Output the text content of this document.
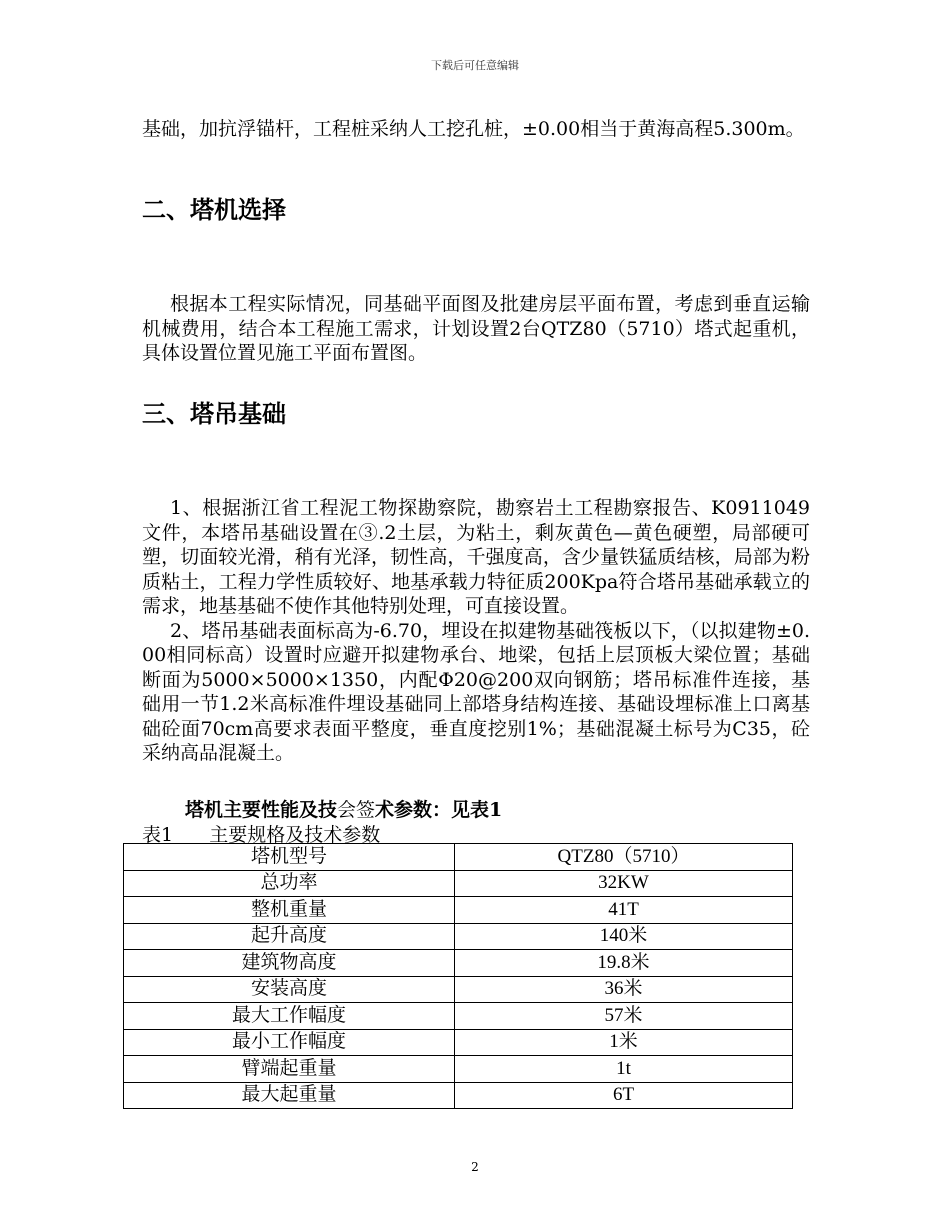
下载后可任意编辑

基础，加抗浮锚杆，工程桩采纳人工挖孔桩，±0.00相当于黄海高程5.300m。

二、塔机选择

根据本工程实际情况，同基础平面图及批建房层平面布置，考虑到垂直运输机械费用，结合本工程施工需求，计划设置2台QTZ80（5710）塔式起重机，具体设置位置见施工平面布置图。

三、塔吊基础

1、根据浙江省工程泥工物探勘察院，勘察岩土工程勘察报告、K0911049文件，本塔吊基础设置在③.2土层，为粘土，剩灰黄色—黄色硬塑，局部硬可塑，切面较光滑，稍有光泽，韧性高，千强度高，含少量铁猛质结核，局部为粉质粘土，工程力学性质较好、地基承载力特征质200Kpa符合塔吊基础承载立的需求，地基基础不使作其他特别处理，可直接设置。

2、塔吊基础表面标高为-6.70，埋设在拟建物基础筏板以下，（以拟建物±0.00相同标高）设置时应避开拟建物承台、地梁，包括上层顶板大梁位置；基础断面为5000×5000×1350，内配Φ20@200双向钢筋；塔吊标准件连接，基础用一节1.2米高标准件埋设基础同上部塔身结构连接、基础设埋标准上口离基础砼面70cm高要求表面平整度，垂直度挖别1%；基础混凝土标号为C35，砼采纳高品混凝土。

塔机主要性能及技会签术参数：见表1
表1 主要规格及技术参数
塔机型号	QTZ80（5710）
总功率	32KW
整机重量	41T
起升高度	140米
建筑物高度	19.8米
安装高度	36米
最大工作幅度	57米
最小工作幅度	1米
臂端起重量	1t
最大起重量	6T
2
